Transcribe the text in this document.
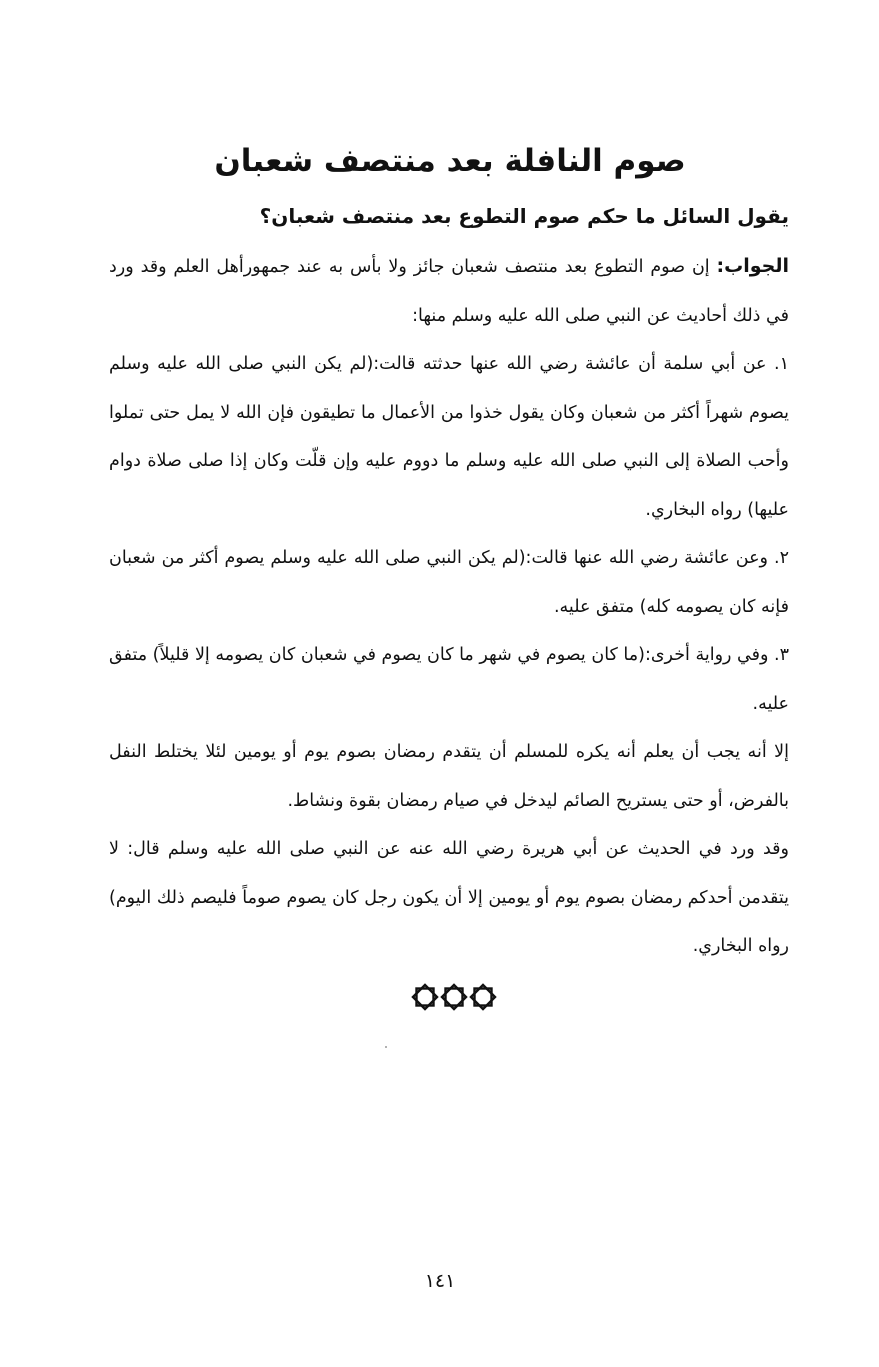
صوم النافلة بعد منتصف شعبان

يقول السائل ما حكم صوم التطوع بعد منتصف شعبان؟

الجواب: إن صوم التطوع بعد منتصف شعبان جائز ولا بأس به عند جمهورأهل العلم وقد ورد في ذلك أحاديث عن النبي صلى الله عليه وسلم منها:

١. عن أبي سلمة أن عائشة رضي الله عنها حدثته قالت:(لم يكن النبي صلى الله عليه وسلم يصوم شهراً أكثر من شعبان وكان يقول خذوا من الأعمال ما تطيقون فإن الله لا يمل حتى تملوا وأحب الصلاة إلى النبي صلى الله عليه وسلم ما دووم عليه وإن قلّت وكان إذا صلى صلاة دوام عليها) رواه البخاري.

٢. وعن عائشة رضي الله عنها قالت:(لم يكن النبي صلى الله عليه وسلم يصوم أكثر من شعبان فإنه كان يصومه كله) متفق عليه.

٣. وفي رواية أخرى:(ما كان يصوم في شهر ما كان يصوم في شعبان كان يصومه إلا قليلاً) متفق عليه.

إلا أنه يجب أن يعلم أنه يكره للمسلم أن يتقدم رمضان بصوم يوم أو يومين لئلا يختلط النفل بالفرض، أو حتى يستريح الصائم ليدخل في صيام رمضان بقوة ونشاط.

وقد ورد في الحديث عن أبي هريرة رضي الله عنه عن النبي صلى الله عليه وسلم قال: لا يتقدمن أحدكم رمضان بصوم يوم أو يومين إلا أن يكون رجل كان يصوم صوماً فليصم ذلك اليوم) رواه البخاري.

١٤١
